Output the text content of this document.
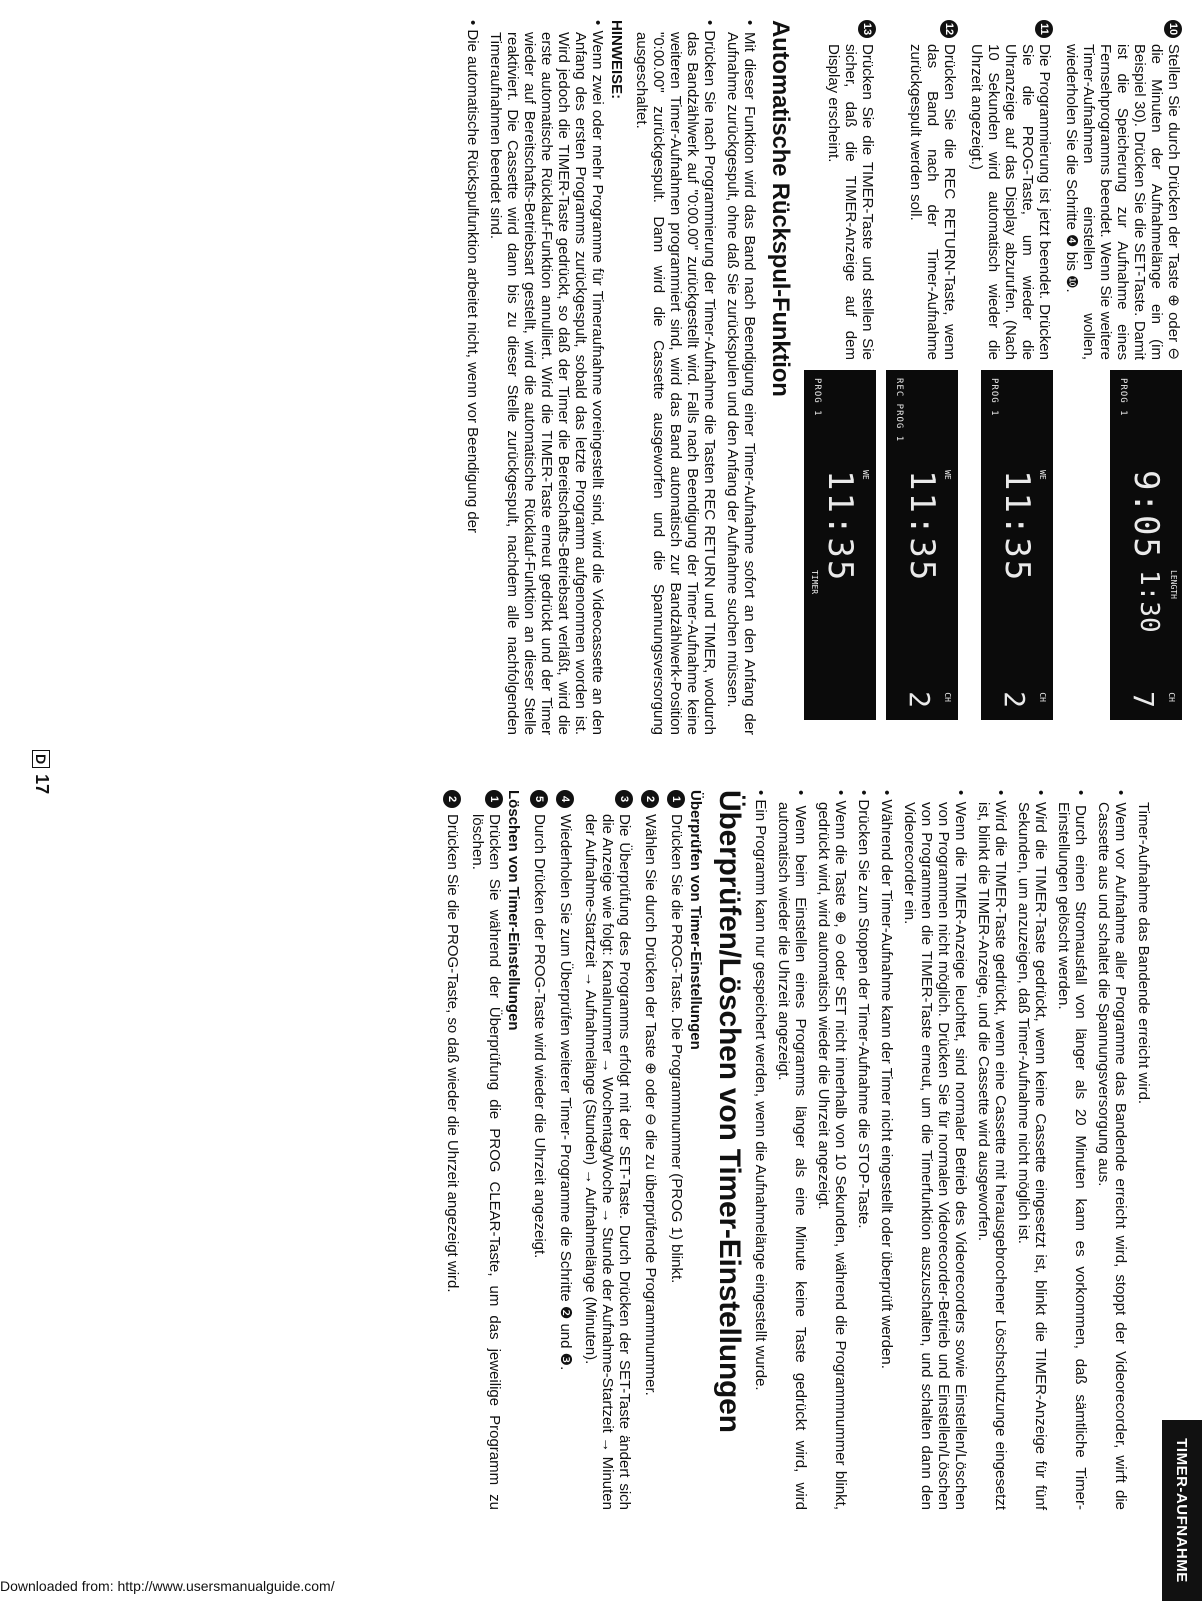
10
Stellen Sie durch Drücken der Taste ⊕ oder ⊖ die Minuten der Aufnahmelänge ein (im Beispiel 30). Drücken Sie die SET-Taste. Damit ist die Speicherung zur Aufnahme eines Fernsehprogramms beendet. Wenn Sie weitere Timer-Aufnahmen einstellen wollen, wiederholen Sie die Schritte ❹ bis ❿.
PROG 1
9:05
LENGTH
1:30
CH
7
11
Die Programmierung ist jetzt beendet. Drücken Sie die PROG-Taste, um wieder die Uhranzeige auf das Display abzurufen. (Nach 10 Sekunden wird automatisch wieder die Uhrzeit angezeigt.)
PROG 1
WE
11:35
CH
2
12
Drücken Sie die REC RETURN-Taste, wenn das Band nach der Timer-Aufnahme zurückgespult werden soll.
REC PROG 1
WE
11:35
CH
2
13
Drücken Sie die TIMER-Taste und stellen Sie sicher, daß die TIMER-Anzeige auf dem Display erscheint.
PROG 1
WE
11:35
TIMER
Automatische Rückspul-Funktion

• Mit dieser Funktion wird das Band nach Beendigung einer Timer-Aufnahme sofort an den Anfang der Aufnahme zurückgespult, ohne daß Sie zurückspulen und den Anfang der Aufnahme suchen müssen.

• Drücken Sie nach Programmierung der Timer-Aufnahme die Tasten REC RETURN und TIMER, wodurch das Bandzählwerk auf "0:00.00" zurückgestellt wird. Falls nach Beendigung der Timer-Aufnahme keine weiteren Timer-Aufnahmen programmiert sind, wird das Band automatisch zur Bandzählwerk-Position "0:00.00" zurückgespult. Dann wird die Cassette ausgeworfen und die Spannungsversorgung ausgeschaltet.

HINWEISE:

• Wenn zwei oder mehr Programme für Timeraufnahme voreingestellt sind, wird die Videocassette an den Anfang des ersten Programms zurückgespult, sobald das letzte Programm aufgenommen worden ist. Wird jedoch die TIMER-Taste gedrückt, so daß der Timer die Bereitschafts-Betriebsart verläßt, wird die erste automatische Rücklauf-Funktion annulliert. Wird die TIMER-Taste erneut gedrückt und der Timer wieder auf Bereitschafts-Betriebsart gestellt, wird die automatische Rücklauf-Funktion an dieser Stelle reaktiviert. Die Cassette wird dann bis zu dieser Stelle zurückgespult, nachdem alle nachfolgenden Timeraufnahmen beendet sind.

• Die automatische Rückspulfunktion arbeitet nicht, wenn vor Beendigung der

Timer-Aufnahme das Bandende erreicht wird.

• Wenn vor Aufnahme aller Programme das Bandende erreicht wird, stoppt der Videorecorder, wirft die Cassette aus und schaltet die Spannungsversorgung aus.

• Durch einen Stromausfall von länger als 20 Minuten kann es vorkommen, daß sämtliche Timer-Einstellungen gelöscht werden.

• Wird die TIMER-Taste gedrückt, wenn keine Cassette eingesetzt ist, blinkt die TIMER-Anzeige für fünf Sekunden, um anzuzeigen, daß Timer-Aufnahme nicht möglich ist.

• Wird die TIMER-Taste gedrückt, wenn eine Cassette mit herausgebrochener Löschschutzunge eingesetzt ist, blinkt die TIMER-Anzeige, und die Cassette wird ausgeworfen.

• Wenn die TIMER-Anzeige leuchtet, sind normaler Betrieb des Videorecorders sowie Einstellen/Löschen von Programmen nicht möglich. Drücken Sie für normalen Videorecorder-Betrieb und Einstellen/Löschen von Programmen die TIMER-Taste erneut, um die Timerfunktion auszuschalten, und schalten dann den Videorecorder ein.

• Während der Timer-Aufnahme kann der Timer nicht eingestellt oder überprüft werden.

• Drücken Sie zum Stoppen der Timer-Aufnahme die STOP-Taste.

• Wenn die Taste ⊕, ⊖ oder SET nicht innerhalb von 10 Sekunden, während die Programmnummer blinkt, gedrückt wird, wird automatisch wieder die Uhrzeit angezeigt.

• Wenn beim Einstellen eines Programms länger als eine Minute keine Taste gedrückt wird, wird automatisch wieder die Uhrzeit angezeigt.

• Ein Programm kann nur gespeichert werden, wenn die Aufnahmelänge eingestellt wurde.

Überprüfen/Löschen von Timer-Einstellungen
Überprüfen von Timer-Einstellungen
1
Drücken Sie die PROG-Taste. Die Programmnummer (PROG 1) blinkt.
2
Wählen Sie durch Drücken der Taste ⊕ oder ⊖ die zu überprüfende Programmnummer.
3
Die Überprüfung des Programms erfolgt mit der SET-Taste. Durch Drücken der SET-Taste ändert sich die Anzeige wie folgt: Kanalnummer → Wochentag/Woche → Stunde der Aufnahme-Startzeit → Minuten der Aufnahme-Startzeit → Aufnahmelänge (Stunden) → Aufnahmelänge (Minuten).
4
Wiederholen Sie zum Überprüfen weiterer Timer- Programme die Schritte ❷ und ❸.
5
Durch Drücken der PROG-Taste wird wieder die Uhrzeit angezeigt.
Löschen von Timer-Einstellungen
1
Drücken Sie während der Überprüfung die PROG CLEAR-Taste, um das jeweilige Programm zu löschen.
2
Drücken Sie die PROG-Taste, so daß wieder die Uhrzeit angezeigt wird.
TIMER-AUFNAHME
D
17
Downloaded from: http://www.usersmanualguide.com/
